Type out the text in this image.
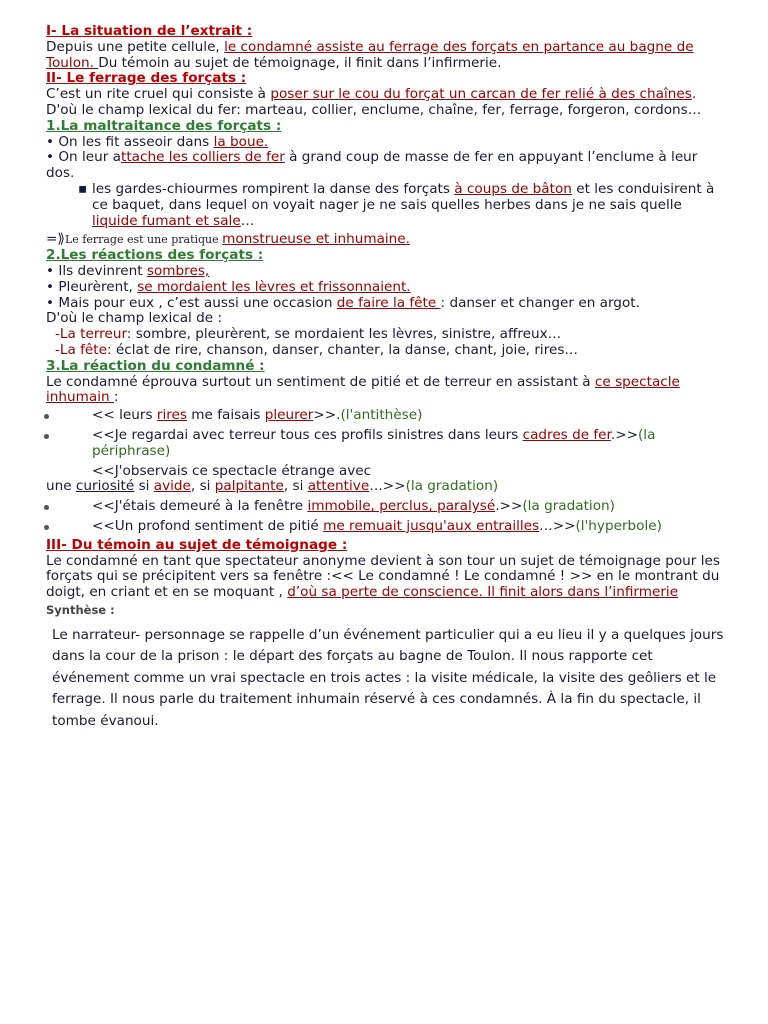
I- La situation de l’extrait :
Depuis une petite cellule, le condamné assiste au ferrage des forçats en partance au bagne de Toulon. Du témoin au sujet de témoignage, il finit dans l’infirmerie.
II- Le ferrage des forçats :
C’est un rite cruel qui consiste à poser sur le cou du forçat un carcan de fer relié à des chaînes. D'où le champ lexical du fer: marteau, collier, enclume, chaîne, fer, ferrage, forgeron, cordons…
1.La maltraitance des forçats :
• On les fit asseoir dans la boue.
• On leur attache les colliers de fer à grand coup de masse de fer en appuyant l’enclume à leur dos.
▪ les gardes-chiourmes rompirent la danse des forçats à coups de bâton et les conduisirent à ce baquet, dans lequel on voyait nager je ne sais quelles herbes dans je ne sais quelle liquide fumant et sale…
=⟫Le ferrage est une pratique monstrueuse et inhumaine.
2.Les réactions des forçats :
• Ils devinrent sombres,
• Pleurèrent, se mordaient les lèvres et frissonnaient.
• Mais pour eux , c’est aussi une occasion de faire la fête : danser et changer en argot.
D'où le champ lexical de :
-La terreur: sombre, pleurèrent, se mordaient les lèvres, sinistre, affreux…
-La fête: éclat de rire, chanson, danser, chanter, la danse, chant, joie, rires…
3.La réaction du condamné :
Le condamné éprouva surtout un sentiment de pitié et de terreur en assistant à ce spectacle inhumain :
<< leurs rires me faisais pleurer>>.(l'antithèse)
<<Je regardai avec terreur tous ces profils sinistres dans leurs cadres de fer.>>(la périphrase)
<<J'observais ce spectacle étrange avec
une curiosité si avide, si palpitante, si attentive…>>(la gradation)
<<J'étais demeuré à la fenêtre immobile, perclus, paralysé.>>(la gradation)
<<Un profond sentiment de pitié me remuait jusqu'aux entrailles…>>(l'hyperbole)
III- Du témoin au sujet de témoignage :
Le condamné en tant que spectateur anonyme devient à son tour un sujet de témoignage pour les forçats qui se précipitent vers sa fenêtre :<< Le condamné ! Le condamné ! >> en le montrant du doigt, en criant et en se moquant , d’où sa perte de conscience. Il finit alors dans l’infirmerie
Synthèse :
Le narrateur- personnage se rappelle d’un événement particulier qui a eu lieu il y a quelques jours dans la cour de la prison : le départ des forçats au bagne de Toulon. Il nous rapporte cet événement comme un vrai spectacle en trois actes : la visite médicale, la visite des geôliers et le ferrage. Il nous parle du traitement inhumain réservé à ces condamnés. À la fin du spectacle, il tombe évanoui.
